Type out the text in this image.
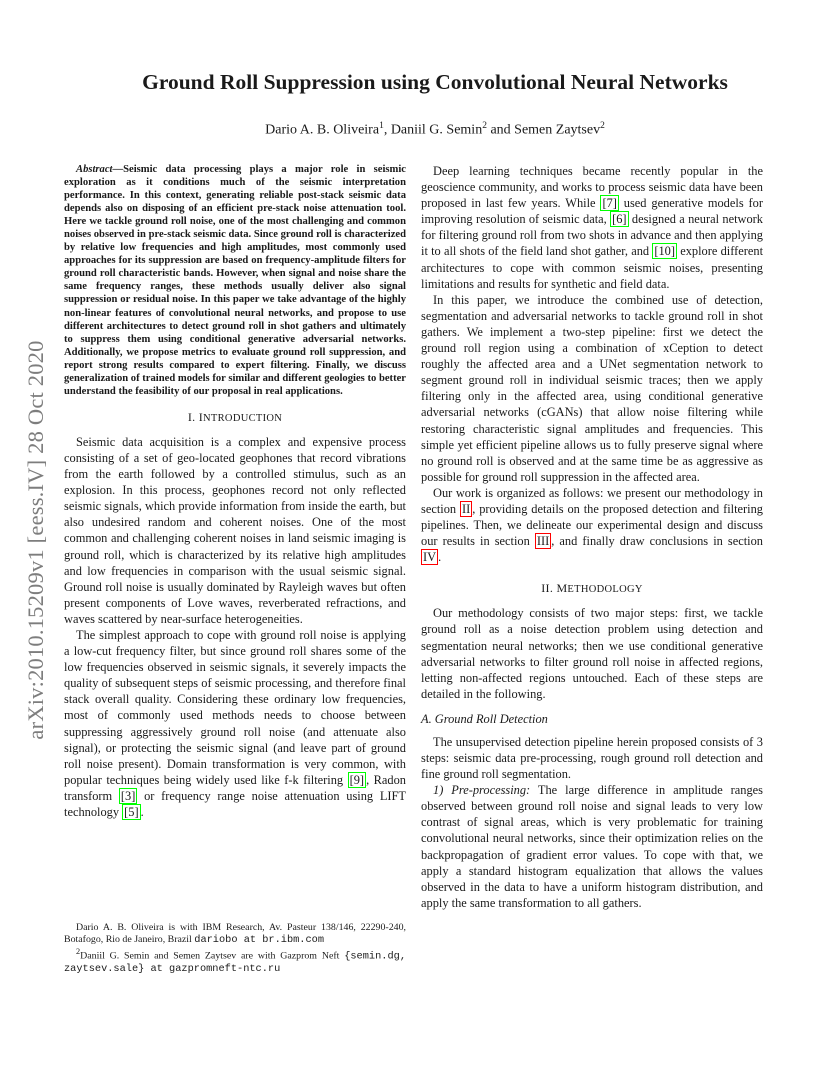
arXiv:2010.15209v1 [eess.IV] 28 Oct 2020
Ground Roll Suppression using Convolutional Neural Networks

Dario A. B. Oliveira$^1$, Daniil G. Semin$^2$ and Semen Zaytsev$^2$

Abstract—Seismic data processing plays a major role in seismic exploration as it conditions much of the seismic interpretation performance. In this context, generating reliable post-stack seismic data depends also on disposing of an efficient pre-stack noise attenuation tool. Here we tackle ground roll noise, one of the most challenging and common noises observed in pre-stack seismic data. Since ground roll is characterized by relative low frequencies and high amplitudes, most commonly used approaches for its suppression are based on frequency-amplitude filters for ground roll characteristic bands. However, when signal and noise share the same frequency ranges, these methods usually deliver also signal suppression or residual noise. In this paper we take advantage of the highly non-linear features of convolutional neural networks, and propose to use different architectures to detect ground roll in shot gathers and ultimately to suppress them using conditional generative adversarial networks. Additionally, we propose metrics to evaluate ground roll suppression, and report strong results compared to expert filtering. Finally, we discuss generalization of trained models for similar and different geologies to better understand the feasibility of our proposal in real applications.

I. INTRODUCTION

Seismic data acquisition is a complex and expensive process consisting of a set of geo-located geophones that record vibrations from the earth followed by a controlled stimulus, such as an explosion. In this process, geophones record not only reflected seismic signals, which provide information from inside the earth, but also undesired random and coherent noises. One of the most common and challenging coherent noises in land seismic imaging is ground roll, which is characterized by its relative high amplitudes and low frequencies in comparison with the usual seismic signal. Ground roll noise is usually dominated by Rayleigh waves but often present components of Love waves, reverberated refractions, and waves scattered by near-surface heterogeneities.

The simplest approach to cope with ground roll noise is applying a low-cut frequency filter, but since ground roll shares some of the low frequencies observed in seismic signals, it severely impacts the quality of subsequent steps of seismic processing, and therefore final stack overall quality. Considering these ordinary low frequencies, most of commonly used methods needs to choose between suppressing aggressively ground roll noise (and attenuate also signal), or protecting the seismic signal (and leave part of ground roll noise present). Domain transformation is very common, with popular techniques being widely used like f-k filtering [9] , Radon transform [3] or frequency range noise attenuation using LIFT technology [5] .

Dario A. B. Oliveira is with IBM Research, Av. Pasteur 138/146, 22290-240, Botafogo, Rio de Janeiro, Brazil dariobo at br.ibm.com

$^2$Daniil G. Semin and Semen Zaytsev are with Gazprom Neft {semin.dg, zaytsev.sale} at gazpromneft-ntc.ru

Deep learning techniques became recently popular in the geoscience community, and works to process seismic data have been proposed in last few years. While [7] used generative models for improving resolution of seismic data, [6] designed a neural network for filtering ground roll from two shots in advance and then applying it to all shots of the field land shot gather, and [10] explore different architectures to cope with common seismic noises, presenting limitations and results for synthetic and field data.

In this paper, we introduce the combined use of detection, segmentation and adversarial networks to tackle ground roll in shot gathers. We implement a two-step pipeline: first we detect the ground roll region using a combination of xCeption to detect roughly the affected area and a UNet segmentation network to segment ground roll in individual seismic traces; then we apply filtering only in the affected area, using conditional generative adversarial networks (cGANs) that allow noise filtering while restoring characteristic signal amplitudes and frequencies. This simple yet efficient pipeline allows us to fully preserve signal where no ground roll is observed and at the same time be as aggressive as possible for ground roll suppression in the affected area.

Our work is organized as follows: we present our methodology in section II , providing details on the proposed detection and filtering pipelines. Then, we delineate our experimental design and discuss our results in section III , and finally draw conclusions in section IV .

II. METHODOLOGY

Our methodology consists of two major steps: first, we tackle ground roll as a noise detection problem using detection and segmentation neural networks; then we use conditional generative adversarial networks to filter ground roll noise in affected regions, letting non-affected regions untouched. Each of these steps are detailed in the following.

A. Ground Roll Detection

The unsupervised detection pipeline herein proposed consists of 3 steps: seismic data pre-processing, rough ground roll detection and fine ground roll segmentation.

1) Pre-processing: The large difference in amplitude ranges observed between ground roll noise and signal leads to very low contrast of signal areas, which is very problematic for training convolutional neural networks, since their optimization relies on the backpropagation of gradient error values. To cope with that, we apply a standard histogram equalization that allows the values observed in the data to have a uniform histogram distribution, and apply the same transformation to all gathers.
